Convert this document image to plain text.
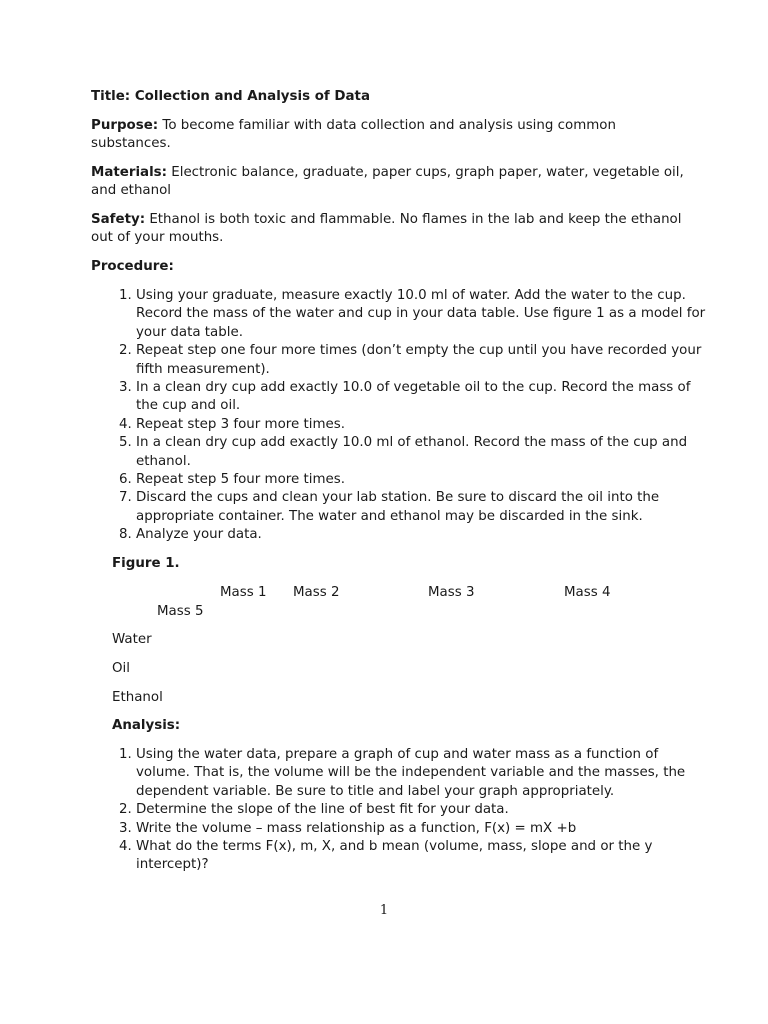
Title: Collection and Analysis of Data

Purpose: To become familiar with data collection and analysis using common substances.

Materials: Electronic balance, graduate, paper cups, graph paper, water, vegetable oil, and ethanol

Safety: Ethanol is both toxic and flammable. No flames in the lab and keep the ethanol out of your mouths.

Procedure:

1. Using your graduate, measure exactly 10.0 ml of water. Add the water to the cup. Record the mass of the water and cup in your data table. Use figure 1 as a model for your data table.
2. Repeat step one four more times (don’t empty the cup until you have recorded your fifth measurement).
3. In a clean dry cup add exactly 10.0 of vegetable oil to the cup. Record the mass of the cup and oil.
4. Repeat step 3 four more times.
5. In a clean dry cup add exactly 10.0 ml of ethanol. Record the mass of the cup and ethanol.
6. Repeat step 5 four more times.
7. Discard the cups and clean your lab station. Be sure to discard the oil into the appropriate container. The water and ethanol may be discarded in the sink.
8. Analyze your data.

Figure 1.

Mass 1 Mass 2	Mass 3	Mass 4

Mass 5

Water

Oil

Ethanol

Analysis:

1. Using the water data, prepare a graph of cup and water mass as a function of volume. That is, the volume will be the independent variable and the masses, the dependent variable. Be sure to title and label your graph appropriately.
2. Determine the slope of the line of best fit for your data.
3. Write the volume – mass relationship as a function, F(x) = mX +b
4. What do the terms F(x), m, X, and b mean (volume, mass, slope and or the y intercept)?
1
